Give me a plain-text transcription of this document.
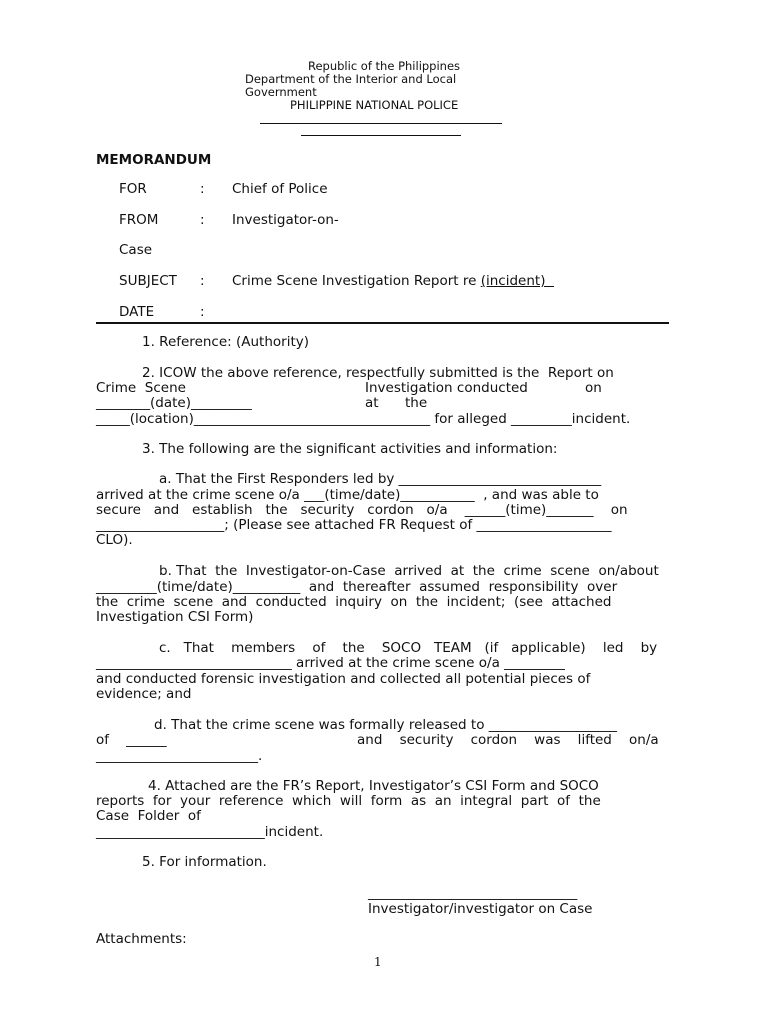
Republic of the Philippines
Department of the Interior and Local
Government
PHILIPPINE NATIONAL POLICE
MEMORANDUM
FOR	: Chief of Police
FROM	: Investigator-on-
Case
SUBJECT : Crime Scene Investigation Report re (incident)
DATE	:
1. Reference: (Authority)
2. ICOW the above reference, respectfully submitted is the  Report on
Crime  Scene	Investigation conducted	on
________(date)_________	at the
_____(location)___________________________________ for alleged _________incident.
3. The following are the significant activities and information:
a. That the First Responders led by ______________________________
arrived at the crime scene o/a ___(time/date)___________  , and was able to
secure   and   establish   the   security   cordon   o/a    ______(time)_______    on
___________________; (Please see attached FR Request of ____________________
CLO).
b. That  the  Investigator-on-Case  arrived  at  the  crime  scene  on/about
_________(time/date)__________  and  thereafter  assumed  responsibility  over
the  crime  scene  and  conducted  inquiry  on  the  incident;  (see  attached
Investigation CSI Form)
c.   That    members    of    the    SOCO   TEAM   (if   applicable)    led    by
_____________________________ arrived at the crime scene o/a _________
and conducted forensic investigation and collected all potential pieces of
evidence; and
d. That the crime scene was formally released to ___________________
of    ______	and    security    cordon    was    lifted    on/a
________________________.
4. Attached are the FR’s Report, Investigator’s CSI Form and SOCO
reports  for  your  reference  which  will  form  as  an  integral  part  of  the
Case  Folder  of
_________________________incident.
5. For information.
_______________________________
Investigator/investigator on Case
Attachments:
1
